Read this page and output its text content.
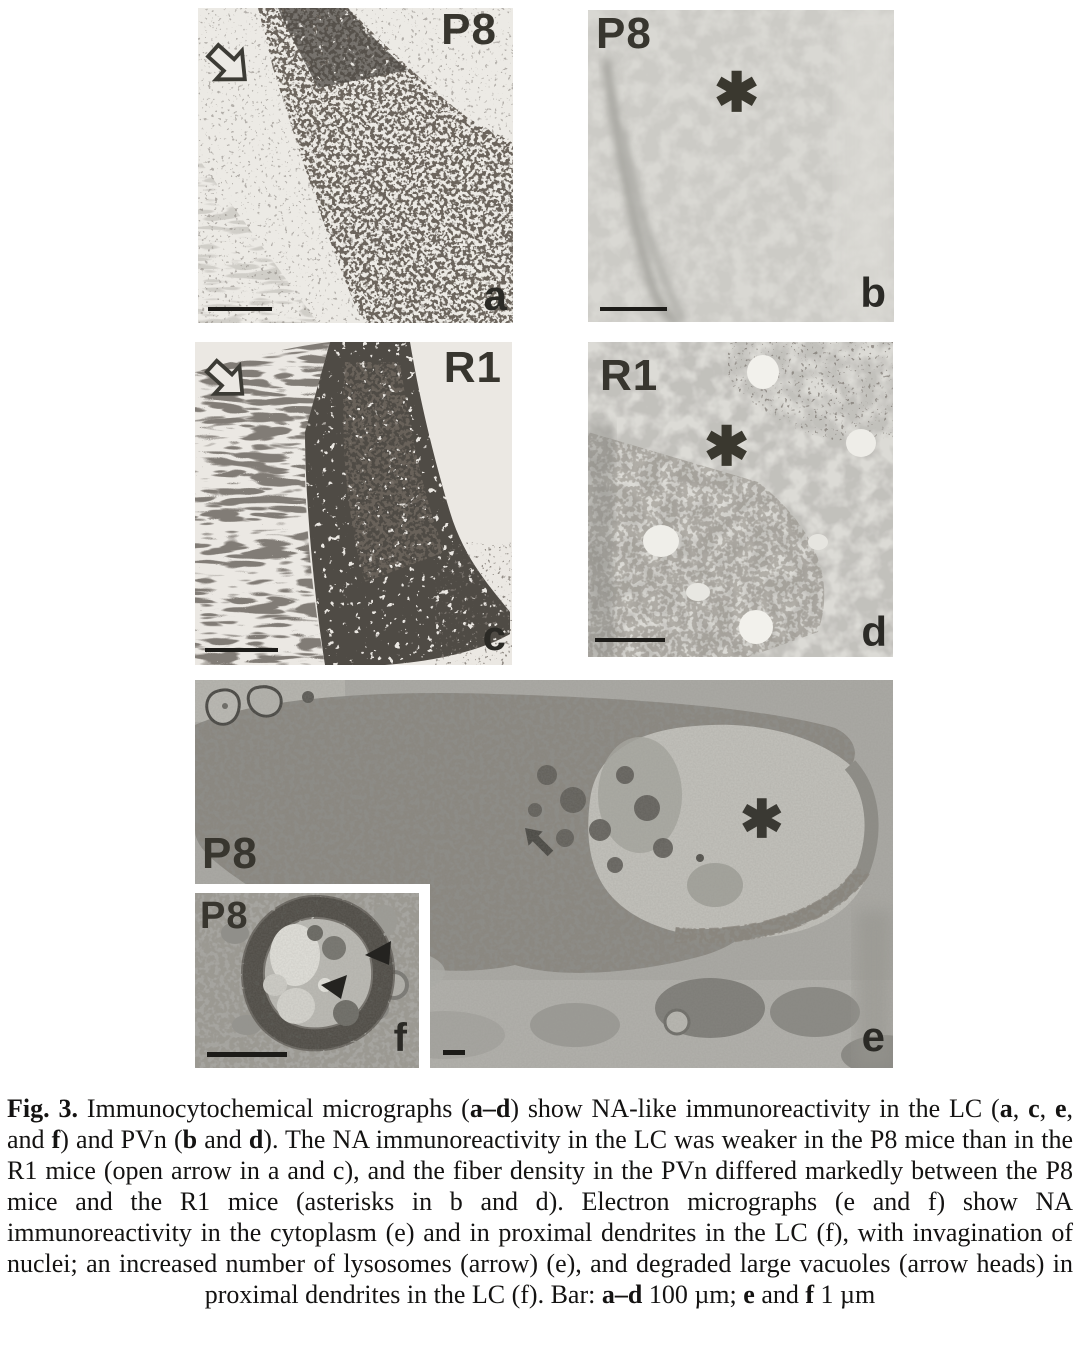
P8
a
P8
✱
b
R1
c
R1
✱
d
P8
✱
e
P8
f

Fig. 3. Immunocytochemical micrographs (a–d) show NA-like immunoreactivity in the LC (a, c, e, and f) and PVn (b and d). The NA immunoreactivity in the LC was weaker in the P8 mice than in the R1 mice (open arrow in a and c), and the fiber density in the PVn differed markedly between the P8 mice and the R1 mice (asterisks in b and d). Electron micrographs (e and f) show NA immunoreactivity in the cytoplasm (e) and in proximal dendrites in the LC (f), with invagination of nuclei; an increased number of lysosomes (arrow) (e), and degraded large vacuoles (arrow heads) in proximal dendrites in the LC (f). Bar: a–d 100 µm; e and f 1 µm
